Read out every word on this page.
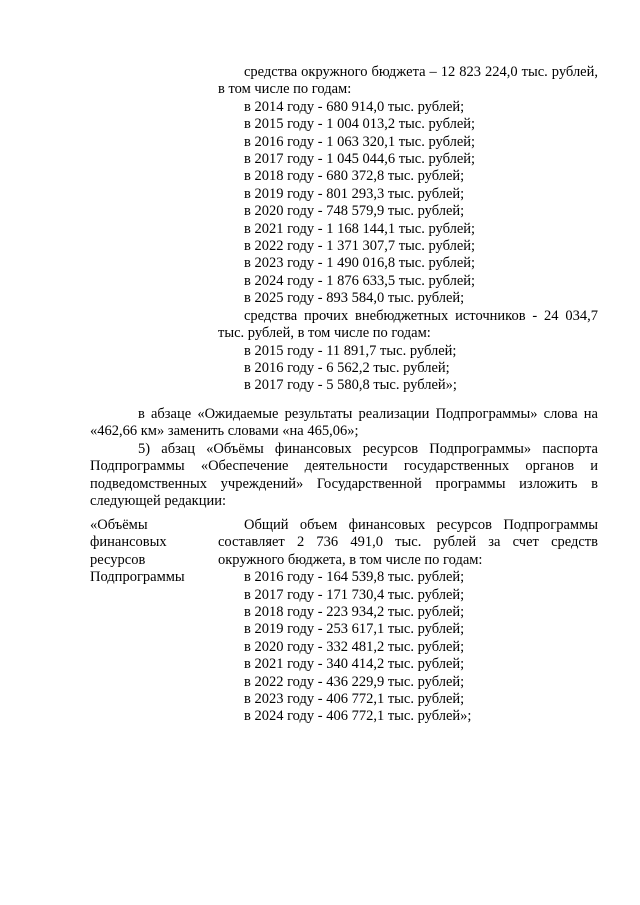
средства окружного бюджета – 12 823 224,0 тыс. рублей, в том числе по годам:

в 2014 году - 680 914,0 тыс. рублей;
в 2015 году - 1 004 013,2 тыс. рублей;
в 2016 году - 1 063 320,1 тыс. рублей;
в 2017 году - 1 045 044,6 тыс. рублей;
в 2018 году - 680 372,8 тыс. рублей;
в 2019 году - 801 293,3 тыс. рублей;
в 2020 году - 748 579,9 тыс. рублей;
в 2021 году - 1 168 144,1 тыс. рублей;
в 2022 году - 1 371 307,7 тыс. рублей;
в 2023 году - 1 490 016,8 тыс. рублей;
в 2024 году - 1 876 633,5 тыс. рублей;
в 2025 году - 893 584,0 тыс. рублей;

средства прочих внебюджетных источников - 24 034,7 тыс. рублей, в том числе по годам:

в 2015 году - 11 891,7 тыс. рублей;
в 2016 году - 6 562,2 тыс. рублей;
в 2017 году - 5 580,8 тыс. рублей»;

в абзаце «Ожидаемые результаты реализации Подпрограммы» слова на «462,66 км» заменить словами «на 465,06»;

5) абзац «Объёмы финансовых ресурсов Подпрограммы» паспорта Подпрограммы «Обеспечение деятельности государственных органов и подведомственных учреждений» Государственной программы изложить в следующей редакции:

«Объёмы
финансовых
ресурсов
Подпрограммы

Общий объем финансовых ресурсов Подпрограммы составляет 2 736 491,0 тыс. рублей за счет средств окружного бюджета, в том числе по годам:

в 2016 году - 164 539,8 тыс. рублей;
в 2017 году - 171 730,4 тыс. рублей;
в 2018 году - 223 934,2 тыс. рублей;
в 2019 году - 253 617,1 тыс. рублей;
в 2020 году - 332 481,2 тыс. рублей;
в 2021 году - 340 414,2 тыс. рублей;
в 2022 году - 436 229,9 тыс. рублей;
в 2023 году - 406 772,1 тыс. рублей;
в 2024 году - 406 772,1 тыс. рублей»;
